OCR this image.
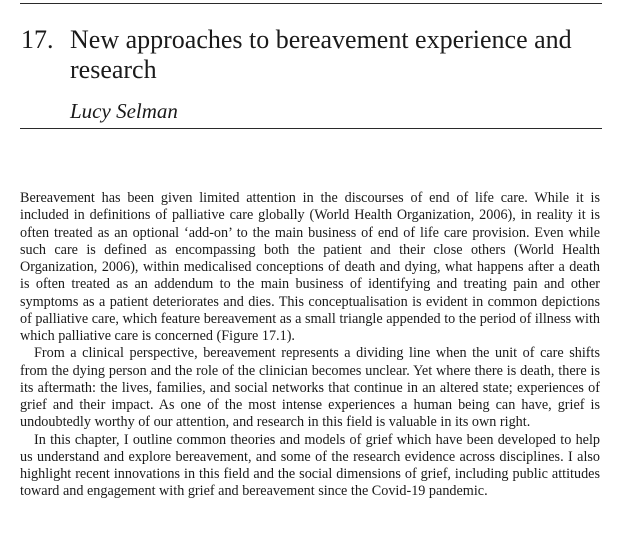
17. New approaches to bereavement experience and research
Lucy Selman

Bereavement has been given limited attention in the discourses of end of life care. While it is included in definitions of palliative care globally (World Health Organization, 2006), in reality it is often treated as an optional ‘add-on’ to the main business of end of life care provision. Even while such care is defined as encompassing both the patient and their close others (World Health Organization, 2006), within medicalised conceptions of death and dying, what happens after a death is often treated as an addendum to the main business of identifying and treating pain and other symptoms as a patient deteriorates and dies. This conceptualisation is evident in common depictions of palliative care, which feature bereavement as a small triangle appended to the period of illness with which palliative care is concerned (Figure 17.1).

From a clinical perspective, bereavement represents a dividing line when the unit of care shifts from the dying person and the role of the clinician becomes unclear. Yet where there is death, there is its aftermath: the lives, families, and social networks that continue in an altered state; experiences of grief and their impact. As one of the most intense experiences a human being can have, grief is undoubtedly worthy of our attention, and research in this field is valuable in its own right.

In this chapter, I outline common theories and models of grief which have been developed to help us understand and explore bereavement, and some of the research evidence across disciplines. I also highlight recent innovations in this field and the social dimensions of grief, including public attitudes toward and engagement with grief and bereavement since the Covid-19 pandemic.
